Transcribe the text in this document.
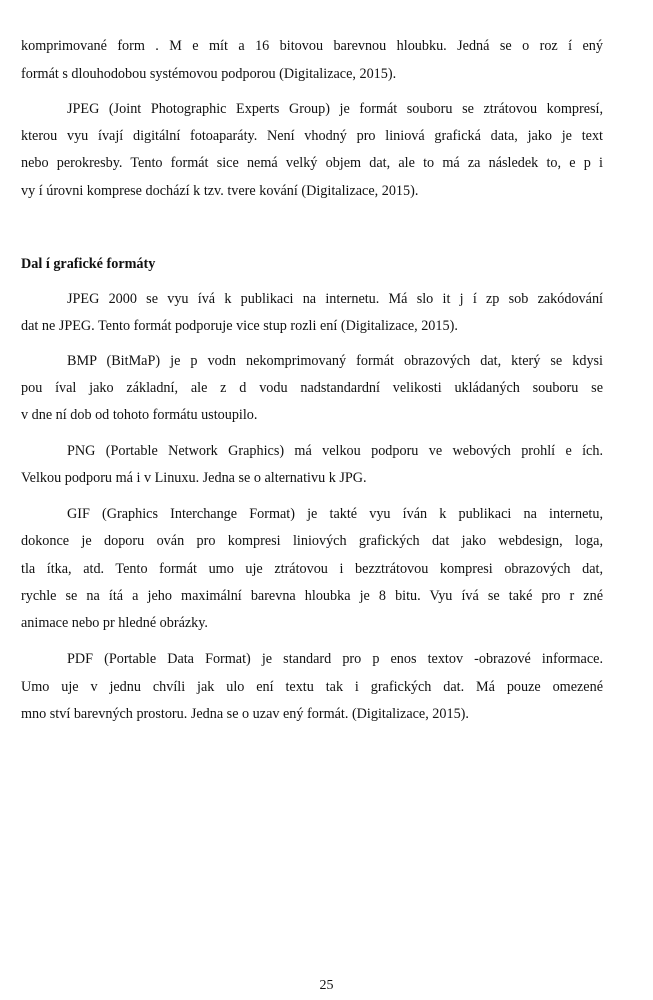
komprimované form . M e mít a 16 bitovou barevnou hloubku. Jedná se o roz í ený
formát s dlouhodobou systémovou podporou (Digitalizace, 2015).
JPEG (Joint Photographic Experts Group) je formát souboru se ztrátovou kompresí,
kterou vyu ívají digitální fotoaparáty. Není vhodný pro liniová grafická data, jako je text
nebo perokresby. Tento formát sice nemá velký objem dat, ale to má za následek to, e p i
vy í úrovni komprese dochází k tzv. tvere kování (Digitalizace, 2015).
Dal í grafické formáty
JPEG 2000 se vyu ívá k publikaci na internetu. Má slo it j í zp sob zakódování
dat ne JPEG. Tento formát podporuje vice stup rozli ení (Digitalizace, 2015).
BMP (BitMaP) je p vodn nekomprimovaný formát obrazových dat, který se kdysi
pou íval jako základní, ale z d vodu nadstandardní velikosti ukládaných souboru se
v dne ní dob od tohoto formátu ustoupilo.
PNG (Portable Network Graphics) má velkou podporu ve webových prohlí e ích.
Velkou podporu má i v Linuxu. Jedna se o alternativu k JPG.
GIF (Graphics Interchange Format) je takté vyu íván k publikaci na internetu,
dokonce je doporu ován pro kompresi liniových grafických dat jako webdesign, loga,
tla ítka, atd. Tento formát umo uje ztrátovou i bezztrátovou kompresi obrazových dat,
rychle se na ítá a jeho maximální barevna hloubka je 8 bitu. Vyu ívá se také pro r zné
animace nebo pr hledné obrázky.
PDF (Portable Data Format) je standard pro p enos textov -obrazové informace.
Umo uje v jednu chvíli jak ulo ení textu tak i grafických dat. Má pouze omezené
mno ství barevných prostoru. Jedna se o uzav ený formát. (Digitalizace, 2015).
25
